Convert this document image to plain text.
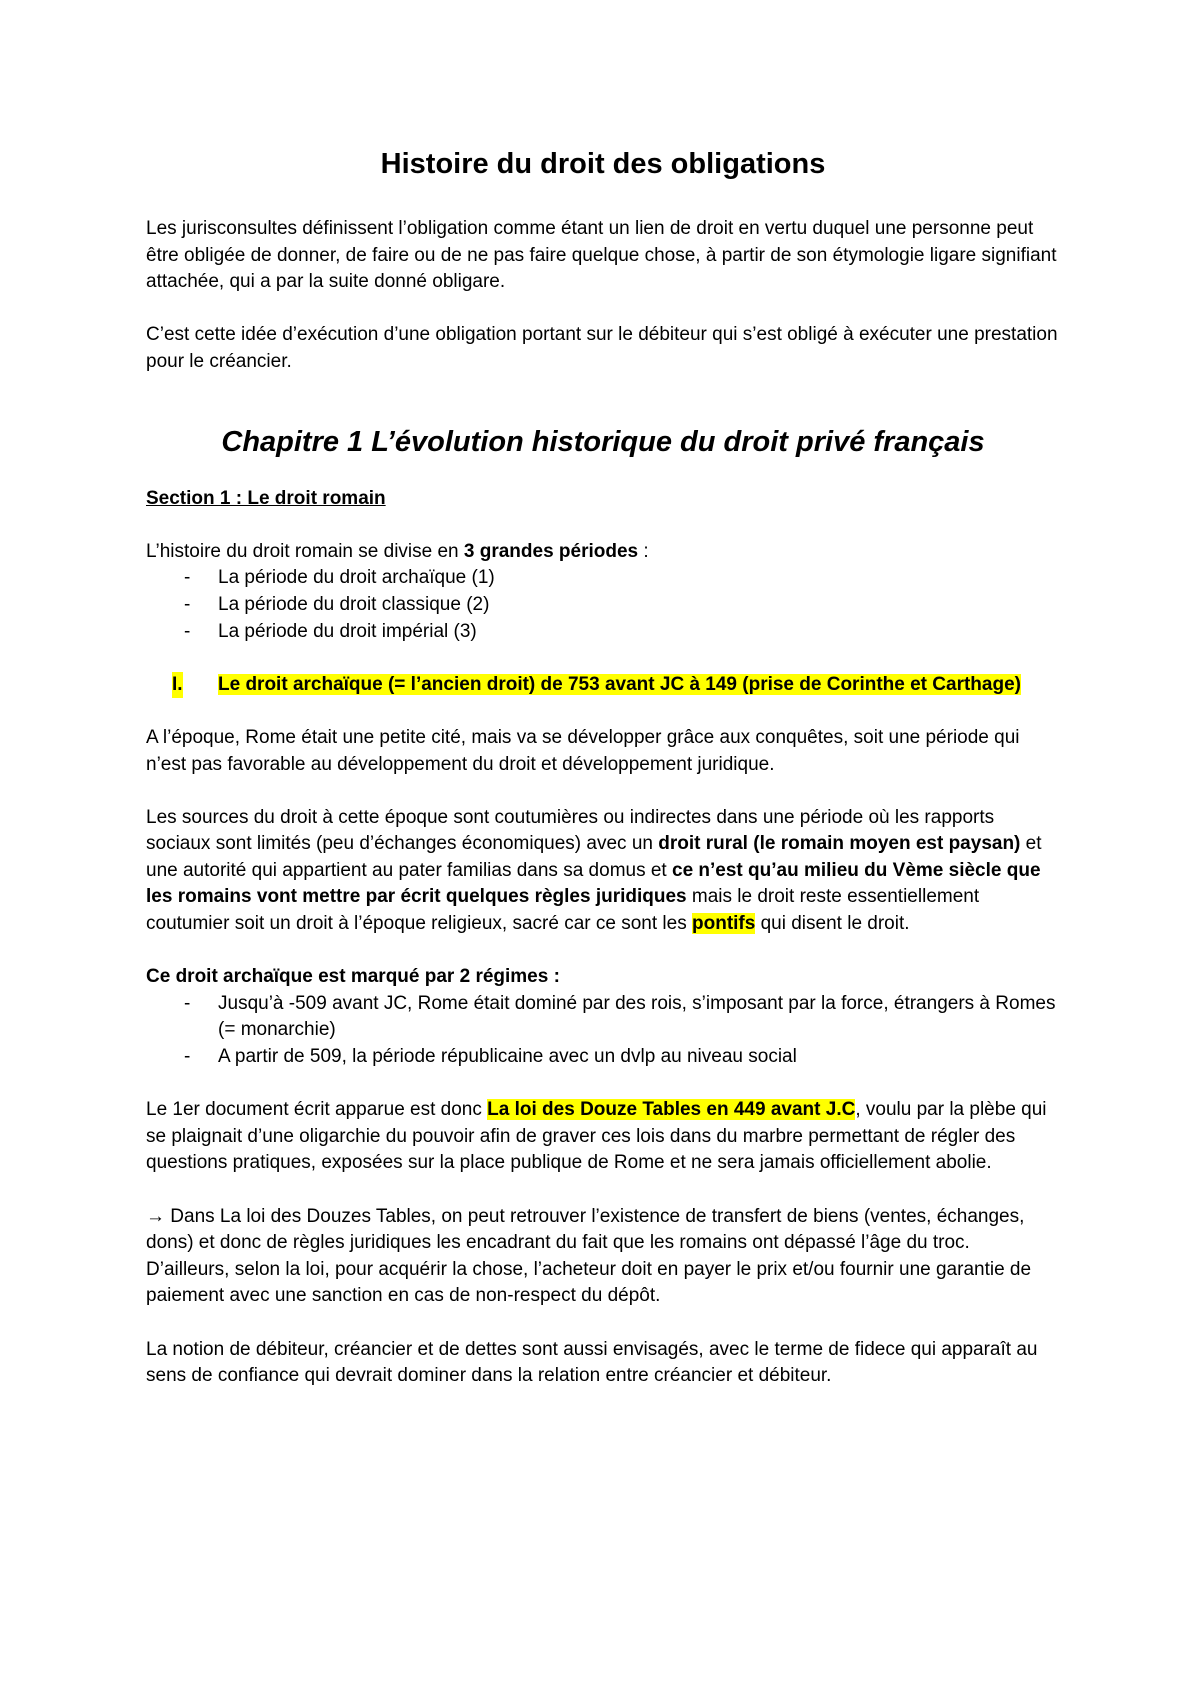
Histoire du droit des obligations

Les jurisconsultes définissent l’obligation comme étant un lien de droit en vertu duquel une personne peut être obligée de donner, de faire ou de ne pas faire quelque chose, à partir de son étymologie ligare signifiant attachée, qui a par la suite donné obligare.

C’est cette idée d’exécution d’une obligation portant sur le débiteur qui s’est obligé à exécuter une prestation pour le créancier.

Chapitre 1 L’évolution historique du droit privé français
Section 1 : Le droit romain

L’histoire du droit romain se divise en 3 grandes périodes :

- La période du droit archaïque (1)
- La période du droit classique (2)
- La période du droit impérial (3)
I. Le droit archaïque (= l’ancien droit) de 753 avant JC à 149 (prise de Corinthe et Carthage)

A l’époque, Rome était une petite cité, mais va se développer grâce aux conquêtes, soit une période qui n’est pas favorable au développement du droit et développement juridique.

Les sources du droit à cette époque sont coutumières ou indirectes dans une période où les rapports sociaux sont limités (peu d’échanges économiques) avec un droit rural (le romain moyen est paysan) et une autorité qui appartient au pater familias dans sa domus et ce n’est qu’au milieu du Vème siècle que les romains vont mettre par écrit quelques règles juridiques mais le droit reste essentiellement coutumier soit un droit à l’époque religieux, sacré car ce sont les pontifs qui disent le droit.

Ce droit archaïque est marqué par 2 régimes :

- Jusqu’à -509 avant JC, Rome était dominé par des rois, s’imposant par la force, étrangers à Romes (= monarchie)
- A partir de 509, la période républicaine avec un dvlp au niveau social

Le 1er document écrit apparue est donc La loi des Douze Tables en 449 avant J.C, voulu par la plèbe qui se plaignait d’une oligarchie du pouvoir afin de graver ces lois dans du marbre permettant de régler des questions pratiques, exposées sur la place publique de Rome et ne sera jamais officiellement abolie.

→ Dans La loi des Douzes Tables, on peut retrouver l’existence de transfert de biens (ventes, échanges, dons) et donc de règles juridiques les encadrant du fait que les romains ont dépassé l’âge du troc.

D’ailleurs, selon la loi, pour acquérir la chose, l’acheteur doit en payer le prix et/ou fournir une garantie de paiement avec une sanction en cas de non-respect du dépôt.

La notion de débiteur, créancier et de dettes sont aussi envisagés, avec le terme de fidece qui apparaît au sens de confiance qui devrait dominer dans la relation entre créancier et débiteur.
